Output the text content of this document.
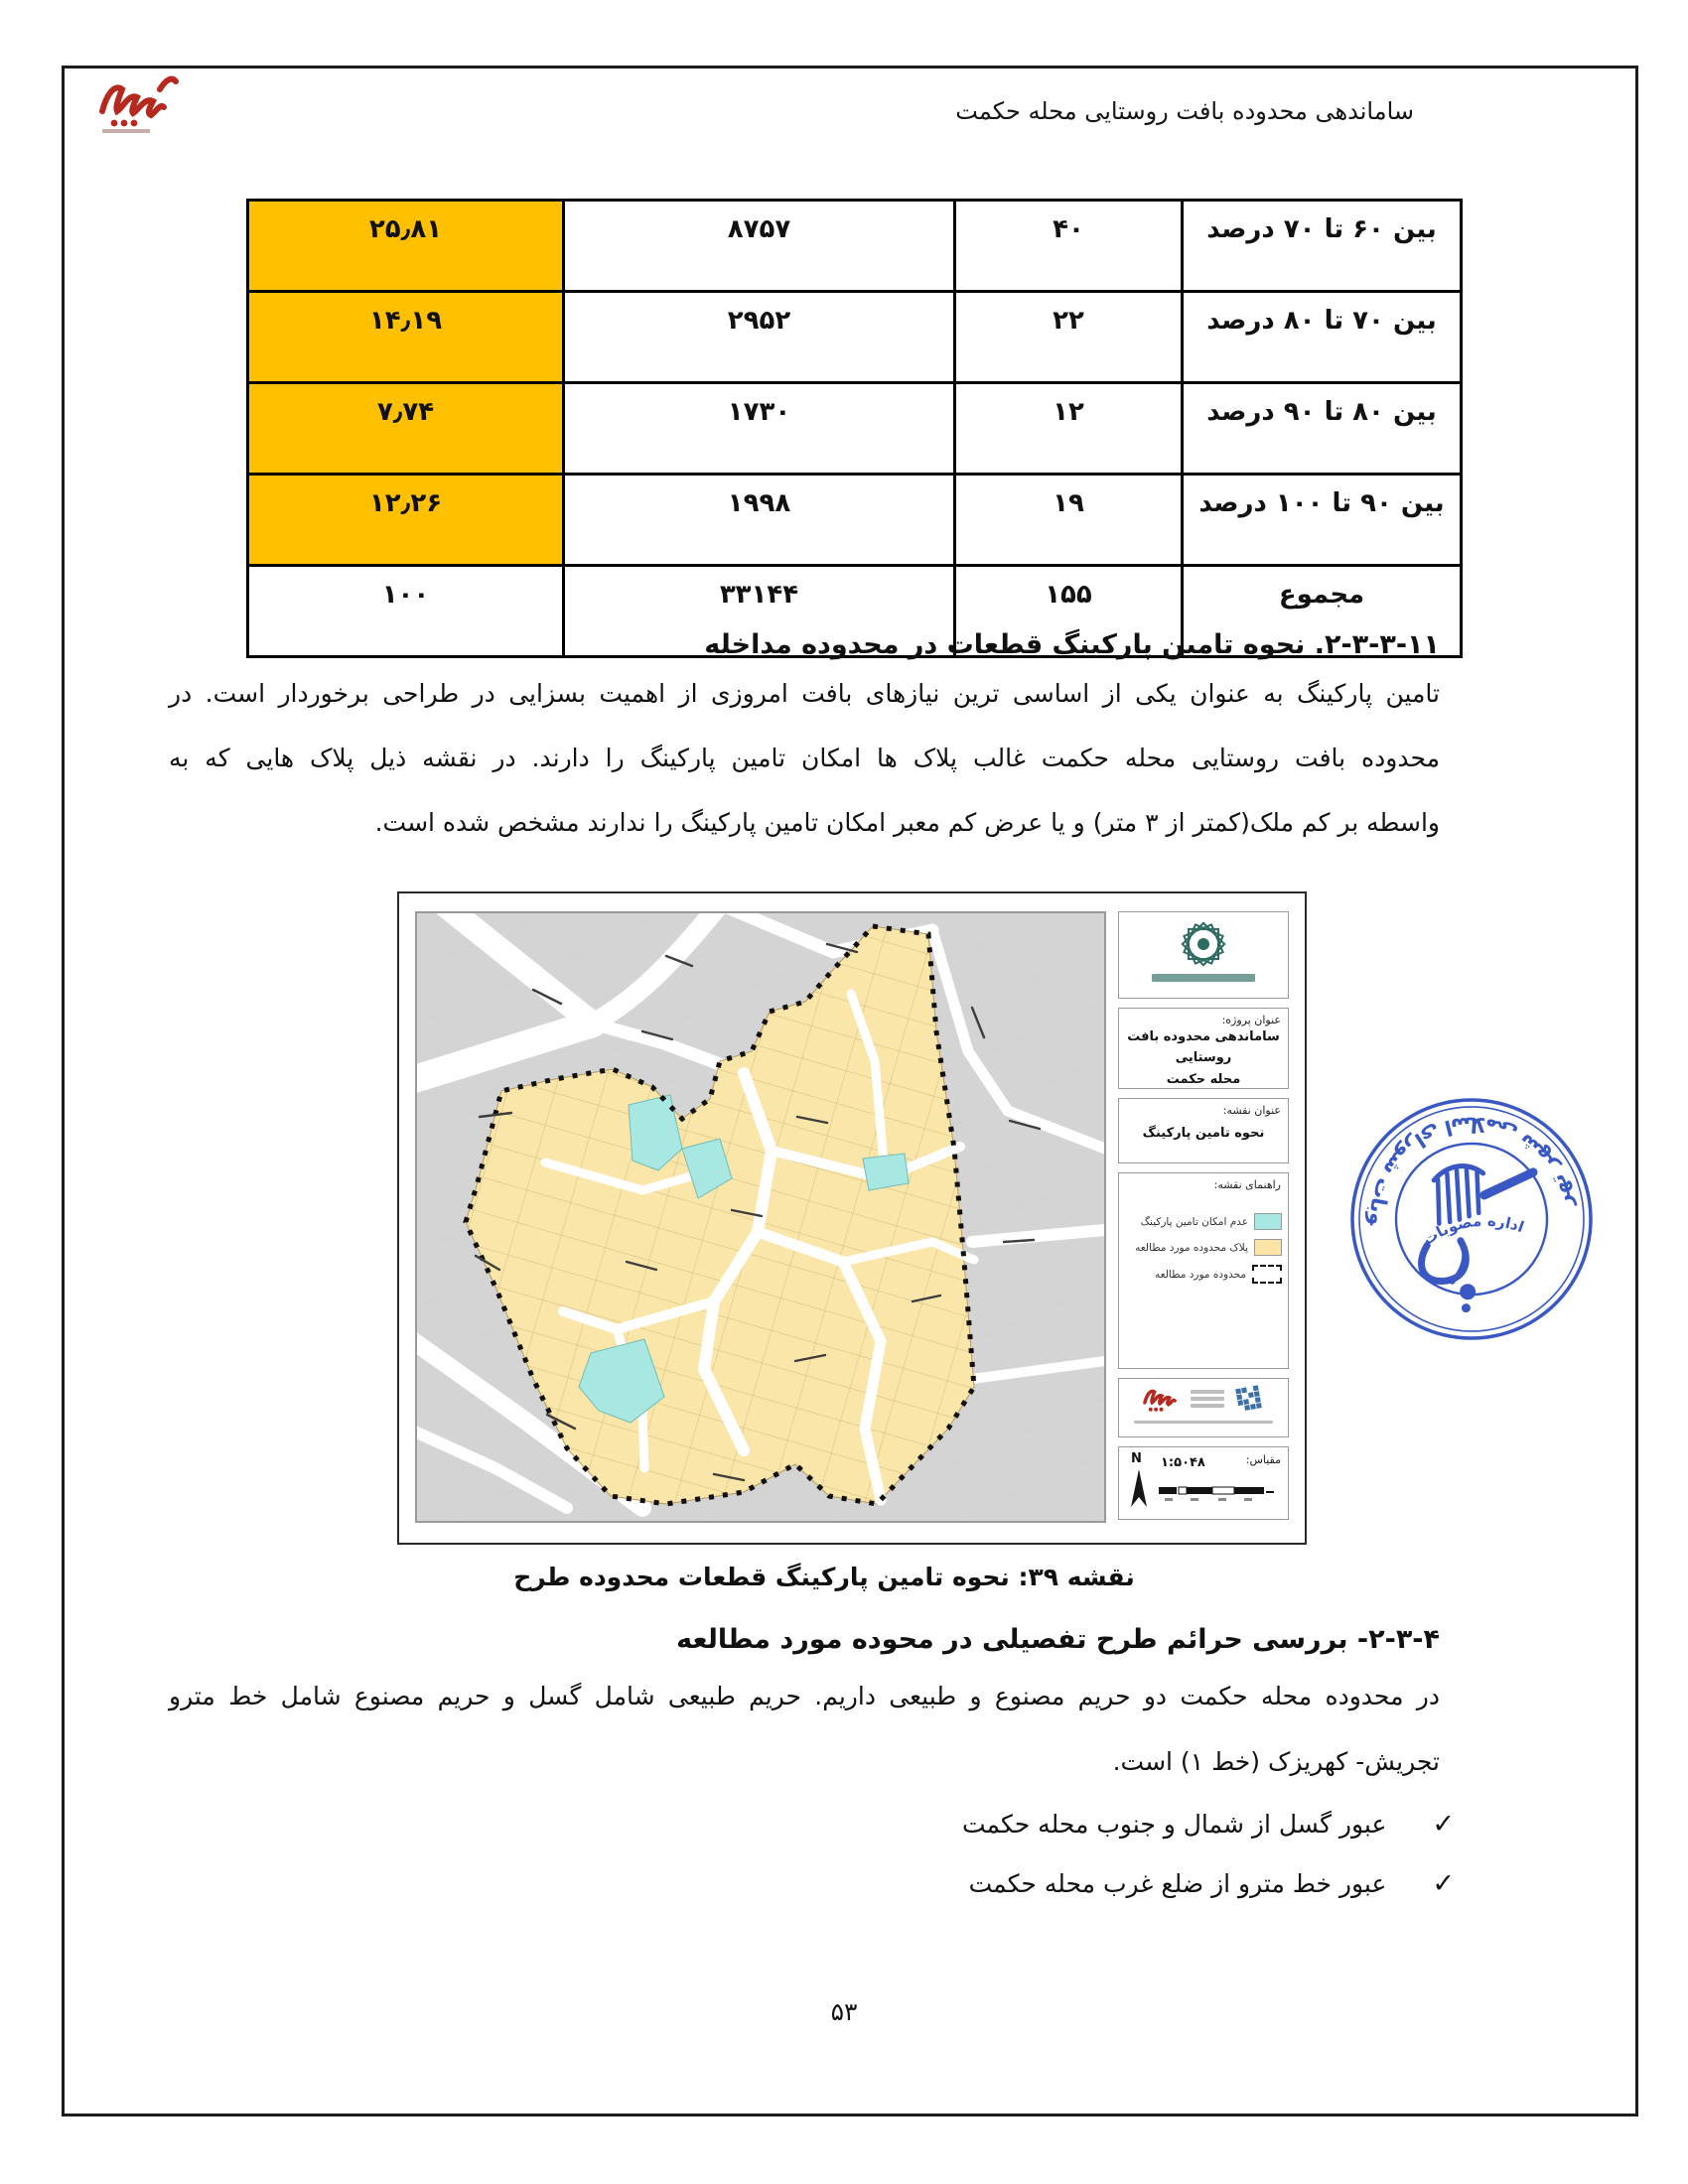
ساماندهی محدوده بافت روستایی محله حکمت
بین ۶۰ تا ۷۰ درصد	۴۰	۸۷۵۷	۲۵٫۸۱
بین ۷۰ تا ۸۰ درصد	۲۲	۲۹۵۲	۱۴٫۱۹
بین ۸۰ تا ۹۰ درصد	۱۲	۱۷۳۰	۷٫۷۴
بین ۹۰ تا ۱۰۰ درصد	۱۹	۱۹۹۸	۱۲٫۲۶
مجموع	۱۵۵	۳۳۱۴۴	۱۰۰
۲-۳-۳-۱۱. نحوه تامین پارکینگ قطعات در محدوده مداخله
تامین پارکینگ به عنوان یکی از اساسی ترین نیازهای بافت امروزی از اهمیت بسزایی در طراحی برخوردار است. در
محدوده بافت روستایی محله حکمت غالب پلاک ها امکان تامین پارکینگ را دارند. در نقشه ذیل پلاک هایی که به
واسطه بر کم ملک(کمتر از ۳ متر) و یا عرض کم معبر امکان تامین پارکینگ را ندارند مشخص شده است.
عنوان پروژه:
ساماندهی محدوده بافت روستایی
محله حکمت
عنوان نقشه:
نحوه تامین پارکینگ
راهنمای نقشه:
عدم امکان تامین پارکینگ
پلاک محدوده مورد مطالعه
محدوده مورد مطالعه
مقیاس:
N ۱:۵۰۴۸
مصوبات شورای اسلامی شهر تهران
اداره مصوبات
نقشه ۳۹: نحوه تامین پارکینگ قطعات محدوده طرح
۲-۳-۴- بررسی حرائم طرح تفصیلی در محوده مورد مطالعه
در محدوده محله حکمت دو حریم مصنوع و طبیعی داریم. حریم طبیعی شامل گسل و حریم مصنوع شامل خط مترو
تجریش- کهریزک (خط ۱) است.
✓
عبور گسل از شمال و جنوب محله حکمت
✓
عبور خط مترو از ضلع غرب محله حکمت
۵۳
